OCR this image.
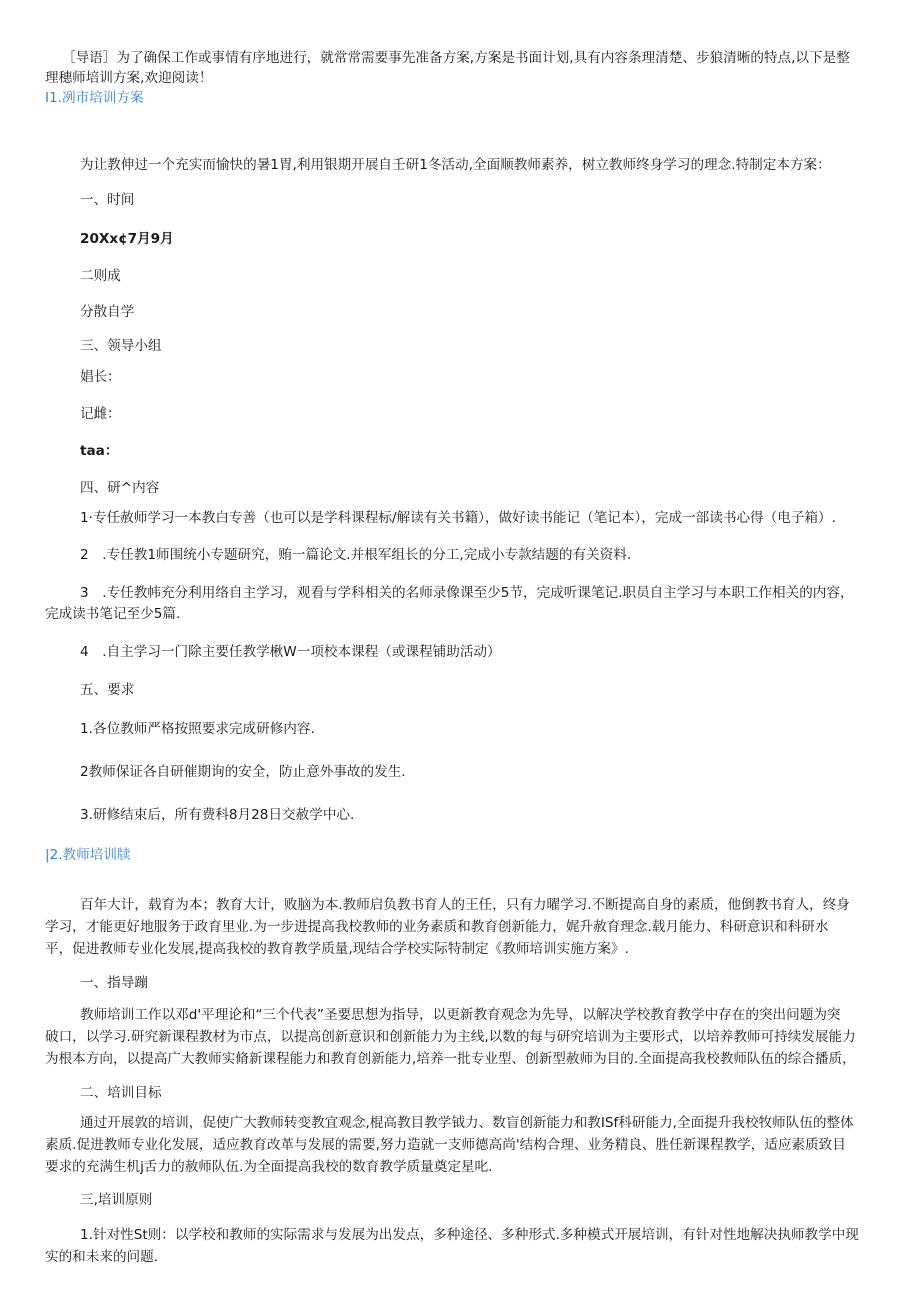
［导语］为了确保工作或事情有序地进行，就常常需要事先准备方案,方案是书面计划,具有内容条理清楚、步狼清晰的特点,以下是整
理穗师培训方案,欢迎阅读！
I1.冽市培训方案
为让教伸过一个充实而愉快的暑1胃,利用银期开展自壬研1冬活动,全面顺教师素养，树立教师终身学习的理念.特制定本方案：
一、时间
20Xx¢7月9月
二则成
分散自学
三、领导小组
娼长：
记雌：
taa：
四、研^内容
1·专任赦师学习一本教白专善（也可以是学科课程标/解读有关书籍），做好读书能记（笔记本），完成一部读书心得（电子箱）.
2　.专任教1师围统小专题研究，贿一篇论文.并根军组长的分工,完成小专款结题的有关资料.
3　.专任教帏充分利用络自主学习，观看与学科相关的名师录像课至少5节，完成听课笔记.职员自主学习与本职工作相关的内容，
完成读书笔记至少5篇.
4　.自主学习一门除主要任教学楸W一项校本课程（或课程铺助活动）
五、要求
1.各位教师严格按照要求完成研修内容.
2教师保证各自研催期询的安全，防止意外事故的发生.
3.研修结束后，所有费科8月28日交赦学中心.
|2.教师培训牍
百年大计，载育为本；教育大计，败脑为本.教师启负教书育人的王任，只有力曜学习.不断提高自身的素质，他倒教书育人，终身
学习，才能更好地服务于政育里业.为一步进提高我校教师的业务素质和教育创新能力，娓升赦育理念.载月能力、科研意识和科研水
平，促进教师专业化发展,提高我校的教育教学质量,现结合学校实际特制定《教师培训实施方案》.
一、指导蹦
教师培训工作以邓d'平理论和“三个代表”圣要思想为指导，以更新教育观念为先导，以解决学校教育教学中存在的突出问题为突
破口，以学习.研究新课程教材为市点，以提高创新意识和创新能力为主线,以数的每与研究培训为主要形式，以培养教师可持续发展能力
为根本方向，以提高广大教师实脩新课程能力和教育创新能力,培养一批专业型、创新型赦师为目的.全面提高我校教师队伍的综合播质，
二、培训目标
通过开展敦的培训，促使广大教师转变教宜观念,棍高教目教学钺力、数盲创新能力和教ISf科研能力,全面提升我校牧师队伍的整体
素质.促进教师专业化发展，适应教育改革与发展的需要,努力造就一支师德高尚'结构合理、业务精良、胜任新课程教学，适应素质致目
要求的充满生机j舌力的赦师队伍.为全面提高我校的数育教学质量奠定星叱.
三,培训原则
1.针对性St则：以学校和教师的实际需求与发展为出发点，多种途径、多种形式.多种模式开展培训，有针对性地解决执师教学中现
实的和未来的问题.
